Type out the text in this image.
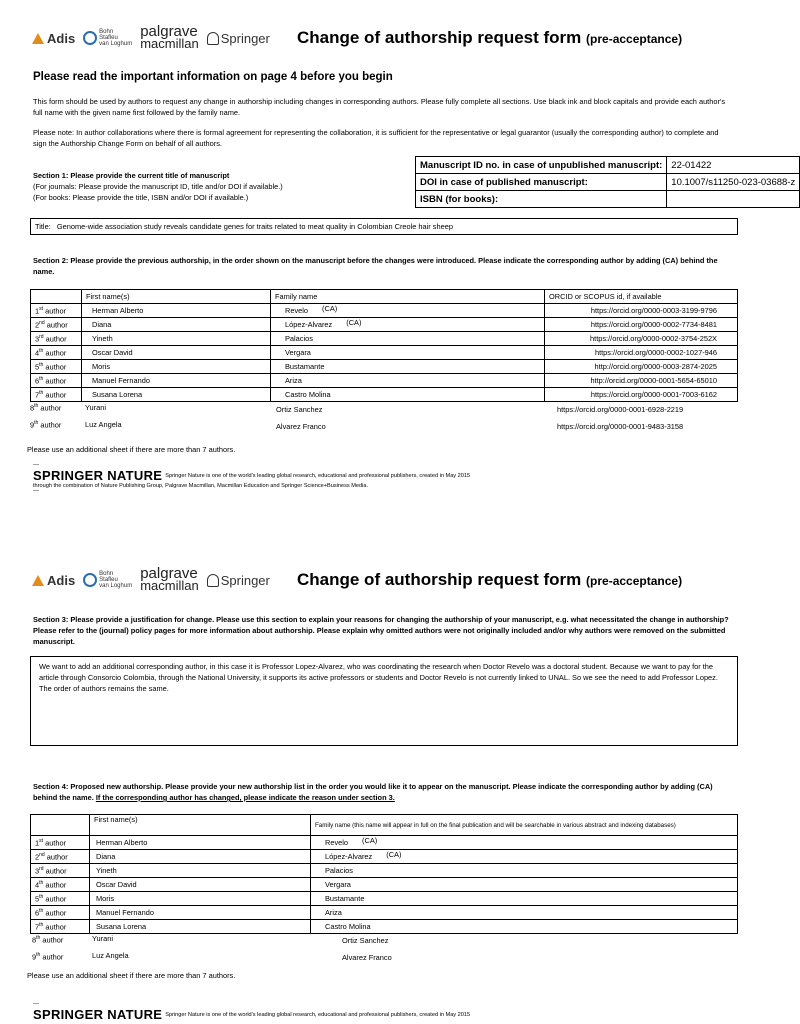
Adis	Bohn
Stafleu
van Loghum
palgrave
macmillan Springer Change of authorship request form (pre-acceptance)
Please read the important information on page 4 before you begin
This form should be used by authors to request any change in authorship including changes in corresponding authors. Please fully complete all sections. Use black ink and block capitals and provide each author's full name with the given name first followed by the family name.
Please note: In author collaborations where there is formal agreement for representing the collaboration, it is sufficient for the representative or legal guarantor (usually the corresponding author) to complete and sign the Authorship Change Form on behalf of all authors.
Section 1: Please provide the current title of manuscript
(For journals: Please provide the manuscript ID, title and/or DOI if available.)
(For books: Please provide the title, ISBN and/or DOI if available.)
Manuscript ID no. in case of unpublished manuscript:	22-01422
DOI in case of published manuscript:	10.1007/s11250-023-03688-z
ISBN (for books):	
Title: Genome-wide association study reveals candidate genes for traits related to meat quality in Colombian Creole hair sheep
Section 2: Please provide the previous authorship, in the order shown on the manuscript before the changes were introduced. Please indicate the corresponding author by adding (CA) behind the name.
	First name(s)	Family name	ORCID or SCOPUS id, if available
1st author	Herman Alberto	Revelo (CA)	https://orcid.org/0000-0003-3199-9796
2nd author	Diana	López-Alvarez (CA)	https://orcid.org/0000-0002-7734-8481
3rd author	Yineth	Palacios	https://orcid.org/0000-0002-3754-252X
4th author	Oscar David	Vergara	https://orcid.org/0000-0002-1027-946
5th author	Moris	Bustamante	http://orcid.org/0000-0003-2874-2025
6th author	Manuel Fernando	Ariza	http://orcid.org/0000-0001-5654-65010
7th author	Susana Lorena	Castro Molina	https://orcid.org/0000-0001-7003-6162
8th author	Yurani	Ortiz Sanchez	https://orcid.org/0000-0001-6928-2219
9th author	Luz Angela	Alvarez Franco	https://orcid.org/0000-0001-9483-3158
Please use an additional sheet if there are more than 7 authors.
---
SPRINGER NATURE Springer Nature is one of the world's leading global research, educational and professional publishers, created in May 2015
through the combination of Nature Publishing Group, Palgrave Macmillan, Macmillan Education and Springer Science+Business Media.
---
Adis	Bohn
Stafleu
van Loghum
palgrave
macmillan Springer Change of authorship request form (pre-acceptance)
Section 3: Please provide a justification for change. Please use this section to explain your reasons for changing the authorship of your manuscript, e.g. what necessitated the change in authorship? Please refer to the (journal) policy pages for more information about authorship. Please explain why omitted authors were not originally included and/or why authors were removed on the submitted manuscript.
We want to add an additional corresponding author, in this case it is Professor Lopez-Alvarez, who was coordinating the research when Doctor Revelo was a doctoral student. Because we want to pay for the article through Consorcio Colombia, through the National University, it supports its active professors or students and Doctor Revelo is not currently linked to UNAL. So we see the need to add Professor Lopez. The order of authors remains the same.
Section 4: Proposed new authorship. Please provide your new authorship list in the order you would like it to appear on the manuscript. Please indicate the corresponding author by adding (CA) behind the name. If the corresponding author has changed, please indicate the reason under section 3.
	First name(s)	Family name (this name will appear in full on the final publication and will be searchable in various abstract and indexing databases)
1st author	Herman Alberto	Revelo (CA)
2nd author	Diana	López-Alvarez (CA)
3rd author	Yineth	Palacios
4th author	Oscar David	Vergara
5th author	Moris	Bustamante
6th author	Manuel Fernando	Ariza
7th author	Susana Lorena	Castro Molina
8th author	Yurani	Ortiz Sanchez
9th author	Luz Angela	Alvarez Franco
Please use an additional sheet if there are more than 7 authors.
---
SPRINGER NATURE Springer Nature is one of the world's leading global research, educational and professional publishers, created in May 2015
